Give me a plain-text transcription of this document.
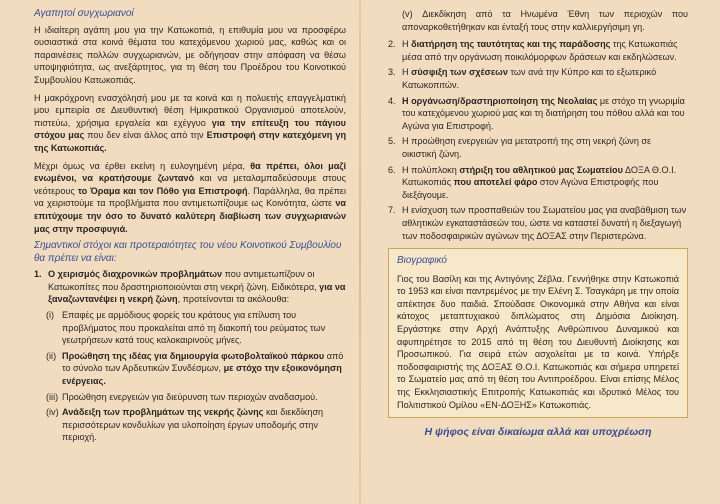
Αγαπητοί συγχωριανοί

Η ιδιαίτερη αγάπη μου για την Κατωκοπιά, η επιθυμία μου να προσφέρω ουσιαστικά στα κοινά θέματα του κατεχόμενου χωριού μας, καθώς και οι παραινέσεις πολλών συγχωριανών, με οδήγησαν στην απόφαση να θέσω υποψηφιότητα, ως ανεξάρτητος, για τη θέση του Προέδρου του Κοινοτικού Συμβουλίου Κατωκοπιάς.

Η μακρόχρονη ενασχόλησή μου με τα κοινά και η πολυετής επαγγελματική μου εμπειρία σε Διευθυντική θέση Ημικρατικού Οργανισμού αποτελούν, πιστεύω, χρήσιμα εργαλεία και εχέγγυο για την επίτευξη του πάγιου στόχου μας που δεν είναι άλλος από την Επιστροφή στην κατεχόμενη γη της Κατωκοπιάς.

Μέχρι όμως να έρθει εκείνη η ευλογημένη μέρα, θα πρέπει, όλοι μαζί ενωμένοι, να κρατήσουμε ζωντανό και να μεταλαμπαδεύσουμε στους νεότερους το Όραμα και τον Πόθο για Επιστροφή. Παράλληλα, θα πρέπει να χειριστούμε τα προβλήματα που αντιμετωπίζουμε ως Κοινότητα, ώστε να επιτύχουμε την όσο το δυνατό καλύτερη διαβίωση των συγχωριανών μας στην προσφυγιά.

Σημαντικοί στόχοι και προτεραιότητες του νέου Κοινοτικού Συμβουλίου θα πρέπει να είναι:
1. Ο χειρισμός διαχρονικών προβλημάτων που αντιμετωπίζουν οι Κατωκοπίτες που δραστηριοποιούνται στη νεκρή ζώνη. Ειδικότερα, για να ξαναζωντανέψει η νεκρή ζώνη, προτείνονται τα ακόλουθα:
(i) Επαφές με αρμόδιους φορείς του κράτους για επίλυση του προβλήματος που προκαλείται από τη διακοπή του ρεύματος των γεωτρήσεων κατά τους καλοκαιρινούς μήνες.
(ii) Προώθηση της ιδέας για δημιουργία φωτοβολταϊκού πάρκου από το σύνολο των Αρδευτικών Συνδέσμων, με στόχο την εξοικονόμηση ενέργειας.
(iii) Προώθηση ενεργειών για διεύρυνση των περιοχών αναδασμού.
(iv) Ανάδειξη των προβλημάτων της νεκρής ζώνης και διεκδίκηση περισσότερων κονδυλίων για υλοποίηση έργων υποδομής στην περιοχή.

(v) Διεκδίκηση από τα Ηνωμένα Έθνη των περιοχών που αποναρκοθετήθηκαν και ένταξή τους στην καλλιεργήσιμη γη.

2. Η διατήρηση της ταυτότητας και της παράδοσης της Κατωκοπιάς μέσα από την οργάνωση ποικιλόμορφων δράσεων και εκδηλώσεων.
3. Η σύσφιξη των σχέσεων των ανά την Κύπρο και το εξωτερικό Κατωκοπιτών.
4. Η οργάνωση/δραστηριοποίηση της Νεολαίας με στόχο τη γνωριμία του κατεχόμενου χωριού μας και τη διατήρηση του πόθου αλλά και του Αγώνα για Επιστροφή.
5. Η προώθηση ενεργειών για μετατροπή της στη νεκρή ζώνη σε οικιστική ζώνη.
6. Η πολύπλοκη στήριξη του αθλητικού μας Σωματείου ΔΟΞΑ Θ.Ο.Ι. Κατωκοπιάς που αποτελεί φάρο στον Αγώνα Επιστροφής που διεξάγουμε.
7. Η ενίσχυση των προσπαθειών του Σωματείου μας για αναβάθμιση των αθλητικών εγκαταστάσεών του, ώστε να καταστεί δυνατή η διεξαγωγή των ποδοσφαιρικών αγώνων της ΔΟΞΑΣ στην Περιστερώνα.
Βιογραφικό
Γιος του Βασίλη και της Αντιγόνης Ζέβλα. Γεννήθηκε στην Κατωκοπιά το 1953 και είναι παντρεμένος με την Ελένη Σ. Τσαγκάρη με την οποία απέκτησε δυο παιδιά. Σπούδασε Οικονομικά στην Αθήνα και είναι κάτοχος μεταπτυχιακού διπλώματος στη Δημόσια Διοίκηση. Εργάστηκε στην Αρχή Ανάπτυξης Ανθρώπινου Δυναμικού και αφυπηρέτησε το 2015 από τη θέση του Διευθυντή Διοίκησης και Προσωπικού. Για σειρά ετών ασχολείται με τα κοινά. Υπήρξε ποδοσφαιριστής της ΔΟΞΑΣ Θ.Ο.Ι. Κατωκοπιάς και σήμερα υπηρετεί το Σωματείο μας από τη θέση του Αντιπροέδρου. Είναι επίσης Μέλος της Εκκλησιαστικής Επιτροπής Κατωκοπιάς και ιδρυτικό Μέλος του Πολιτιστικού Ομίλου «ΕΝ-ΔΟΞΗΣ» Κατωκοπιάς.
Η ψήφος είναι δικαίωμα αλλά και υποχρέωση
